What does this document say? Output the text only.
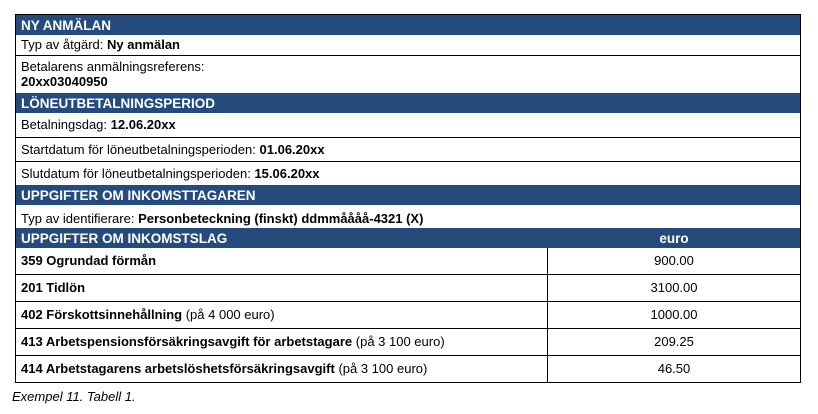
NY ANMÄLAN
Typ av åtgärd: Ny anmälan
Betalarens anmälningsreferens:
20xx03040950
LÖNEUTBETALNINGSPERIOD
Betalningsdag: 12.06.20xx
Startdatum för löneutbetalningsperioden: 01.06.20xx
Slutdatum för löneutbetalningsperioden: 15.06.20xx
UPPGIFTER OM INKOMSTTAGAREN
Typ av identifierare: Personbeteckning (finskt) ddmmåååå-4321 (X)
UPPGIFTER OM INKOMSTSLAG	euro
359 Ogrundad förmån	900.00
201 Tidlön	3100.00
402 Förskottsinnehållning (på 4 000 euro)	1000.00
413 Arbetspensionsförsäkringsavgift för arbetstagare (på 3 100 euro)	209.25
414 Arbetstagarens arbetslöshetsförsäkringsavgift (på 3 100 euro)	46.50
Exempel 11. Tabell 1.
